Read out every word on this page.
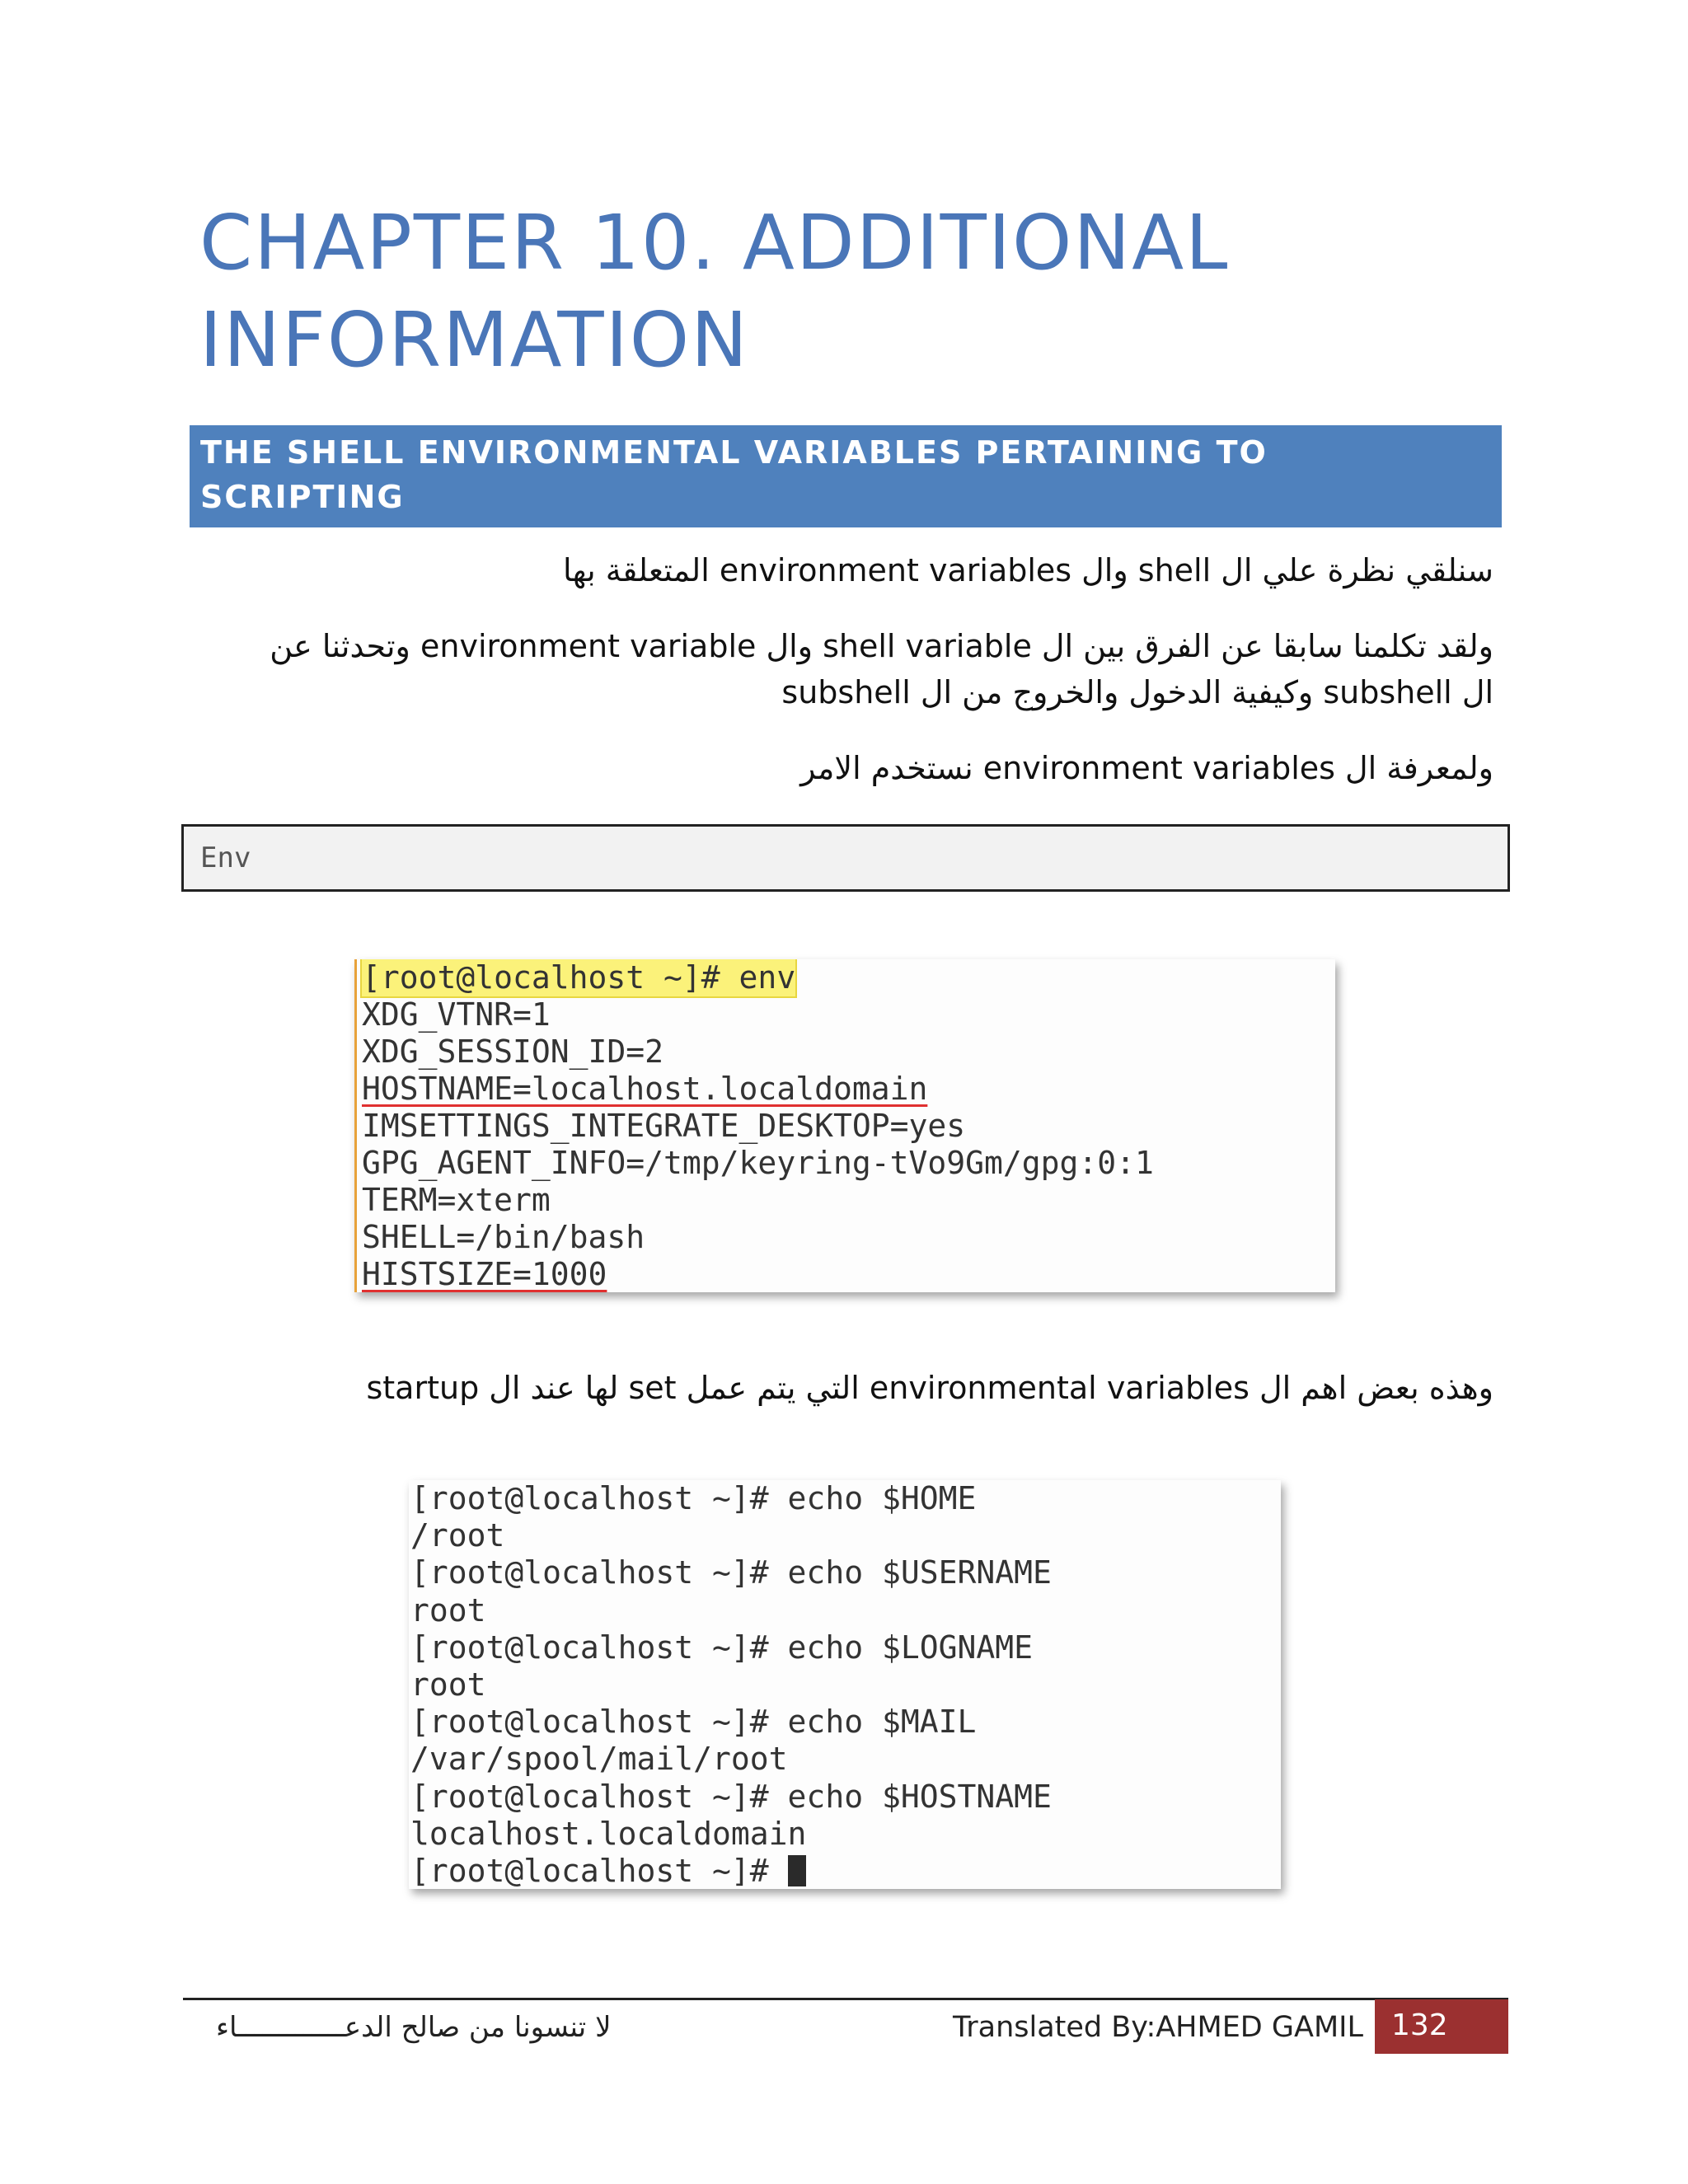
CHAPTER 10. ADDITIONAL
INFORMATION
THE SHELL ENVIRONMENTAL VARIABLES PERTAINING TO
SCRIPTING
سنلقي نظرة علي ال shell وال environment variables المتعلقة بها
ولقد تكلمنا سابقا عن الفرق بين ال shell variable وال environment variable وتحدثنا عن
ال subshell وكيفية الدخول والخروج من ال subshell
ولمعرفة ال environment variables نستخدم الامر
Env
[root@localhost ~]# env
XDG_VTNR=1
XDG_SESSION_ID=2
HOSTNAME=localhost.localdomain
IMSETTINGS_INTEGRATE_DESKTOP=yes
GPG_AGENT_INFO=/tmp/keyring-tVo9Gm/gpg:0:1
TERM=xterm
SHELL=/bin/bash
HISTSIZE=1000
وهذه بعض اهم ال environmental variables التي يتم عمل set لها عند ال startup
[root@localhost ~]# echo $HOME
/root
[root@localhost ~]# echo $USERNAME
root
[root@localhost ~]# echo $LOGNAME
root
[root@localhost ~]# echo $MAIL
/var/spool/mail/root
[root@localhost ~]# echo $HOSTNAME
localhost.localdomain
[root@localhost ~]#
لا تنسونا من صالح الدعـــــــــــــاء	Translated By:AHMED GAMIL 132
